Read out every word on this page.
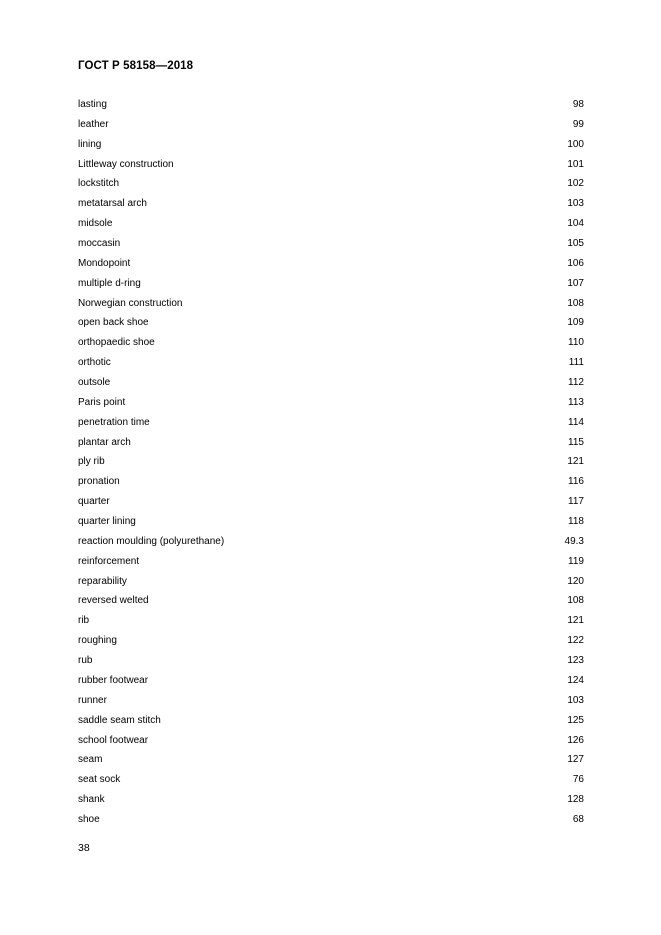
ГОСТ Р 58158—2018
lasting	98
leather	99
lining	100
Littleway construction	101
lockstitch	102
metatarsal arch	103
midsole	104
moccasin	105
Mondopoint	106
multiple d-ring	107
Norwegian construction	108
open back shoe	109
orthopaedic shoe	110
orthotic	111
outsole	112
Paris point	113
penetration time	114
plantar arch	115
ply rib	121
pronation	116
quarter	117
quarter lining	118
reaction moulding (polyurethane)	49.3
reinforcement	119
reparability	120
reversed welted	108
rib	121
roughing	122
rub	123
rubber footwear	124
runner	103
saddle seam stitch	125
school footwear	126
seam	127
seat sock	76
shank	128
shoe	68
38
